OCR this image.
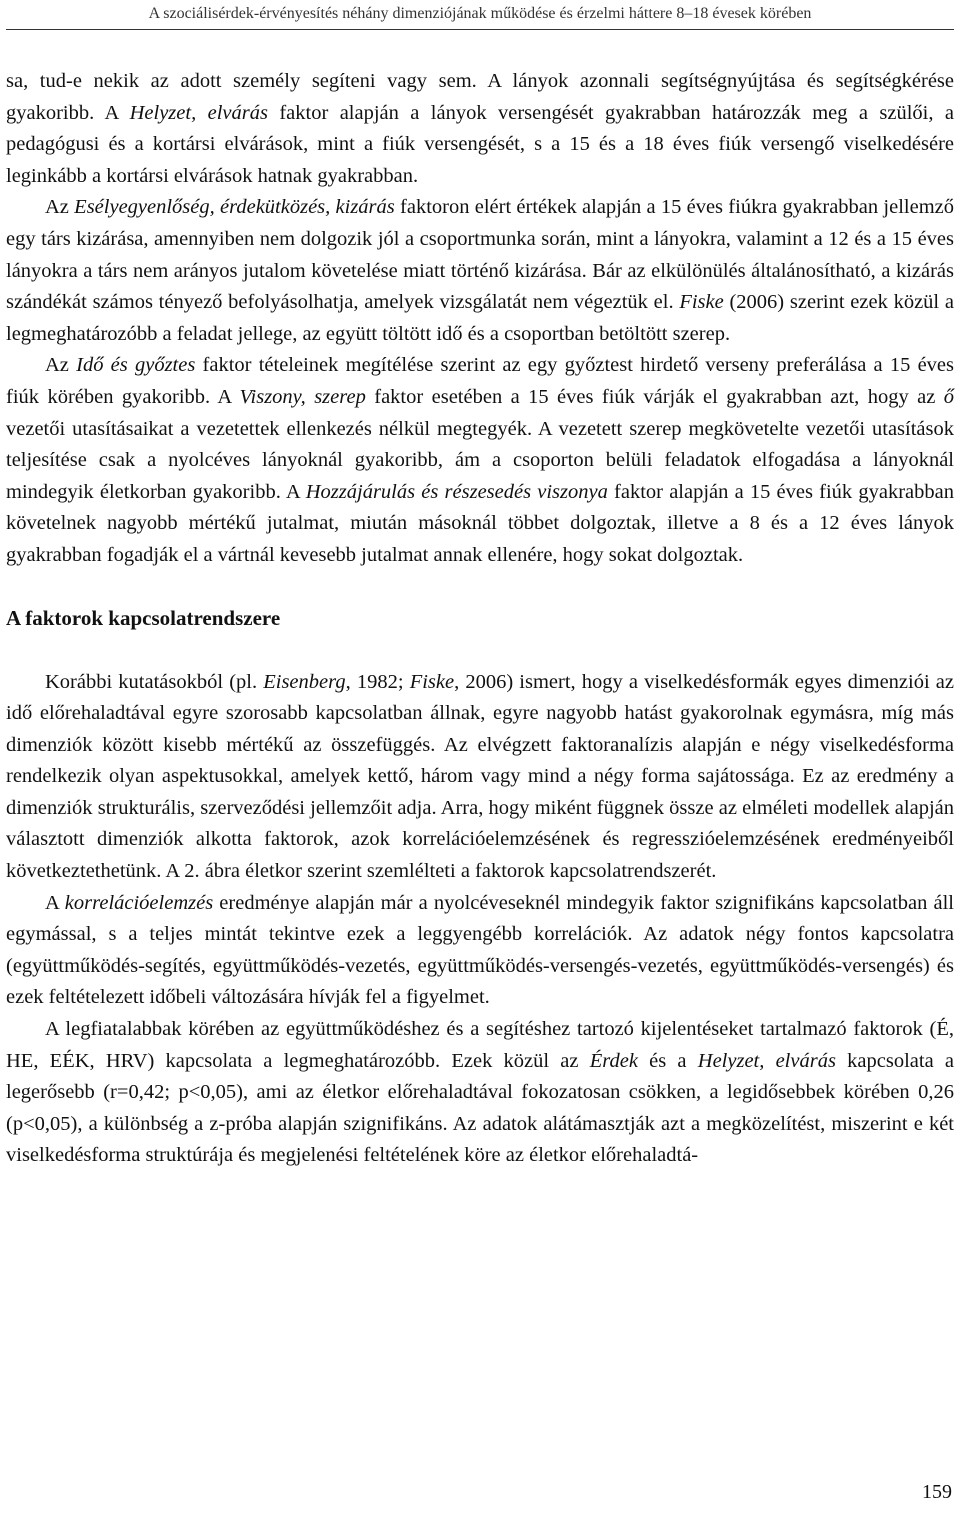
A szociálisérdek-érvényesítés néhány dimenziójának működése és érzelmi háttere 8–18 évesek körében

sa, tud-e nekik az adott személy segíteni vagy sem. A lányok azonnali segítségnyújtása és segítségkérése gyakoribb. A Helyzet, elvárás faktor alapján a lányok versengését gyakrabban határozzák meg a szülői, a pedagógusi és a kortársi elvárások, mint a fiúk versengését, s a 15 és a 18 éves fiúk versengő viselkedésére leginkább a kortársi elvárások hatnak gyakrabban.

Az Esélyegyenlőség, érdekütközés, kizárás faktoron elért értékek alapján a 15 éves fiúkra gyakrabban jellemző egy társ kizárása, amennyiben nem dolgozik jól a csoportmunka során, mint a lányokra, valamint a 12 és a 15 éves lányokra a társ nem arányos jutalom követelése miatt történő kizárása. Bár az elkülönülés általánosítható, a kizárás szándékát számos tényező befolyásolhatja, amelyek vizsgálatát nem végeztük el. Fiske (2006) szerint ezek közül a legmeghatározóbb a feladat jellege, az együtt töltött idő és a csoportban betöltött szerep.

Az Idő és győztes faktor tételeinek megítélése szerint az egy győztest hirdető verseny preferálása a 15 éves fiúk körében gyakoribb. A Viszony, szerep faktor esetében a 15 éves fiúk várják el gyakrabban azt, hogy az ő vezetői utasításaikat a vezetettek ellenkezés nélkül megtegyék. A vezetett szerep megkövetelte vezetői utasítások teljesítése csak a nyolcéves lányoknál gyakoribb, ám a csoporton belüli feladatok elfogadása a lányoknál mindegyik életkorban gyakoribb. A Hozzájárulás és részesedés viszonya faktor alapján a 15 éves fiúk gyakrabban követelnek nagyobb mértékű jutalmat, miután másoknál többet dolgoztak, illetve a 8 és a 12 éves lányok gyakrabban fogadják el a vártnál kevesebb jutalmat annak ellenére, hogy sokat dolgoztak.

A faktorok kapcsolatrendszere

Korábbi kutatásokból (pl. Eisenberg, 1982; Fiske, 2006) ismert, hogy a viselkedésformák egyes dimenziói az idő előrehaladtával egyre szorosabb kapcsolatban állnak, egyre nagyobb hatást gyakorolnak egymásra, míg más dimenziók között kisebb mértékű az összefüggés. Az elvégzett faktoranalízis alapján e négy viselkedésforma rendelkezik olyan aspektusokkal, amelyek kettő, három vagy mind a négy forma sajátossága. Ez az eredmény a dimenziók strukturális, szerveződési jellemzőit adja. Arra, hogy miként függnek össze az elméleti modellek alapján választott dimenziók alkotta faktorok, azok korrelációelemzésének és regresszióelemzésének eredményeiből következtethetünk. A 2. ábra életkor szerint szemlélteti a faktorok kapcsolatrendszerét.

A korrelációelemzés eredménye alapján már a nyolcéveseknél mindegyik faktor szignifikáns kapcsolatban áll egymással, s a teljes mintát tekintve ezek a leggyengébb korrelációk. Az adatok négy fontos kapcsolatra (együttműködés-segítés, együttműködés-vezetés, együttműködés-versengés-vezetés, együttműködés-versengés) és ezek feltételezett időbeli változására hívják fel a figyelmet.

A legfiatalabbak körében az együttműködéshez és a segítéshez tartozó kijelentéseket tartalmazó faktorok (É, HE, EÉK, HRV) kapcsolata a legmeghatározóbb. Ezek közül az Érdek és a Helyzet, elvárás kapcsolata a legerősebb (r=0,42; p<0,05), ami az életkor előrehaladtával fokozatosan csökken, a legidősebbek körében 0,26 (p<0,05), a különbség a z-próba alapján szignifikáns. Az adatok alátámasztják azt a megközelítést, miszerint e két viselkedésforma struktúrája és megjelenési feltételének köre az életkor előrehaladtá-

159
